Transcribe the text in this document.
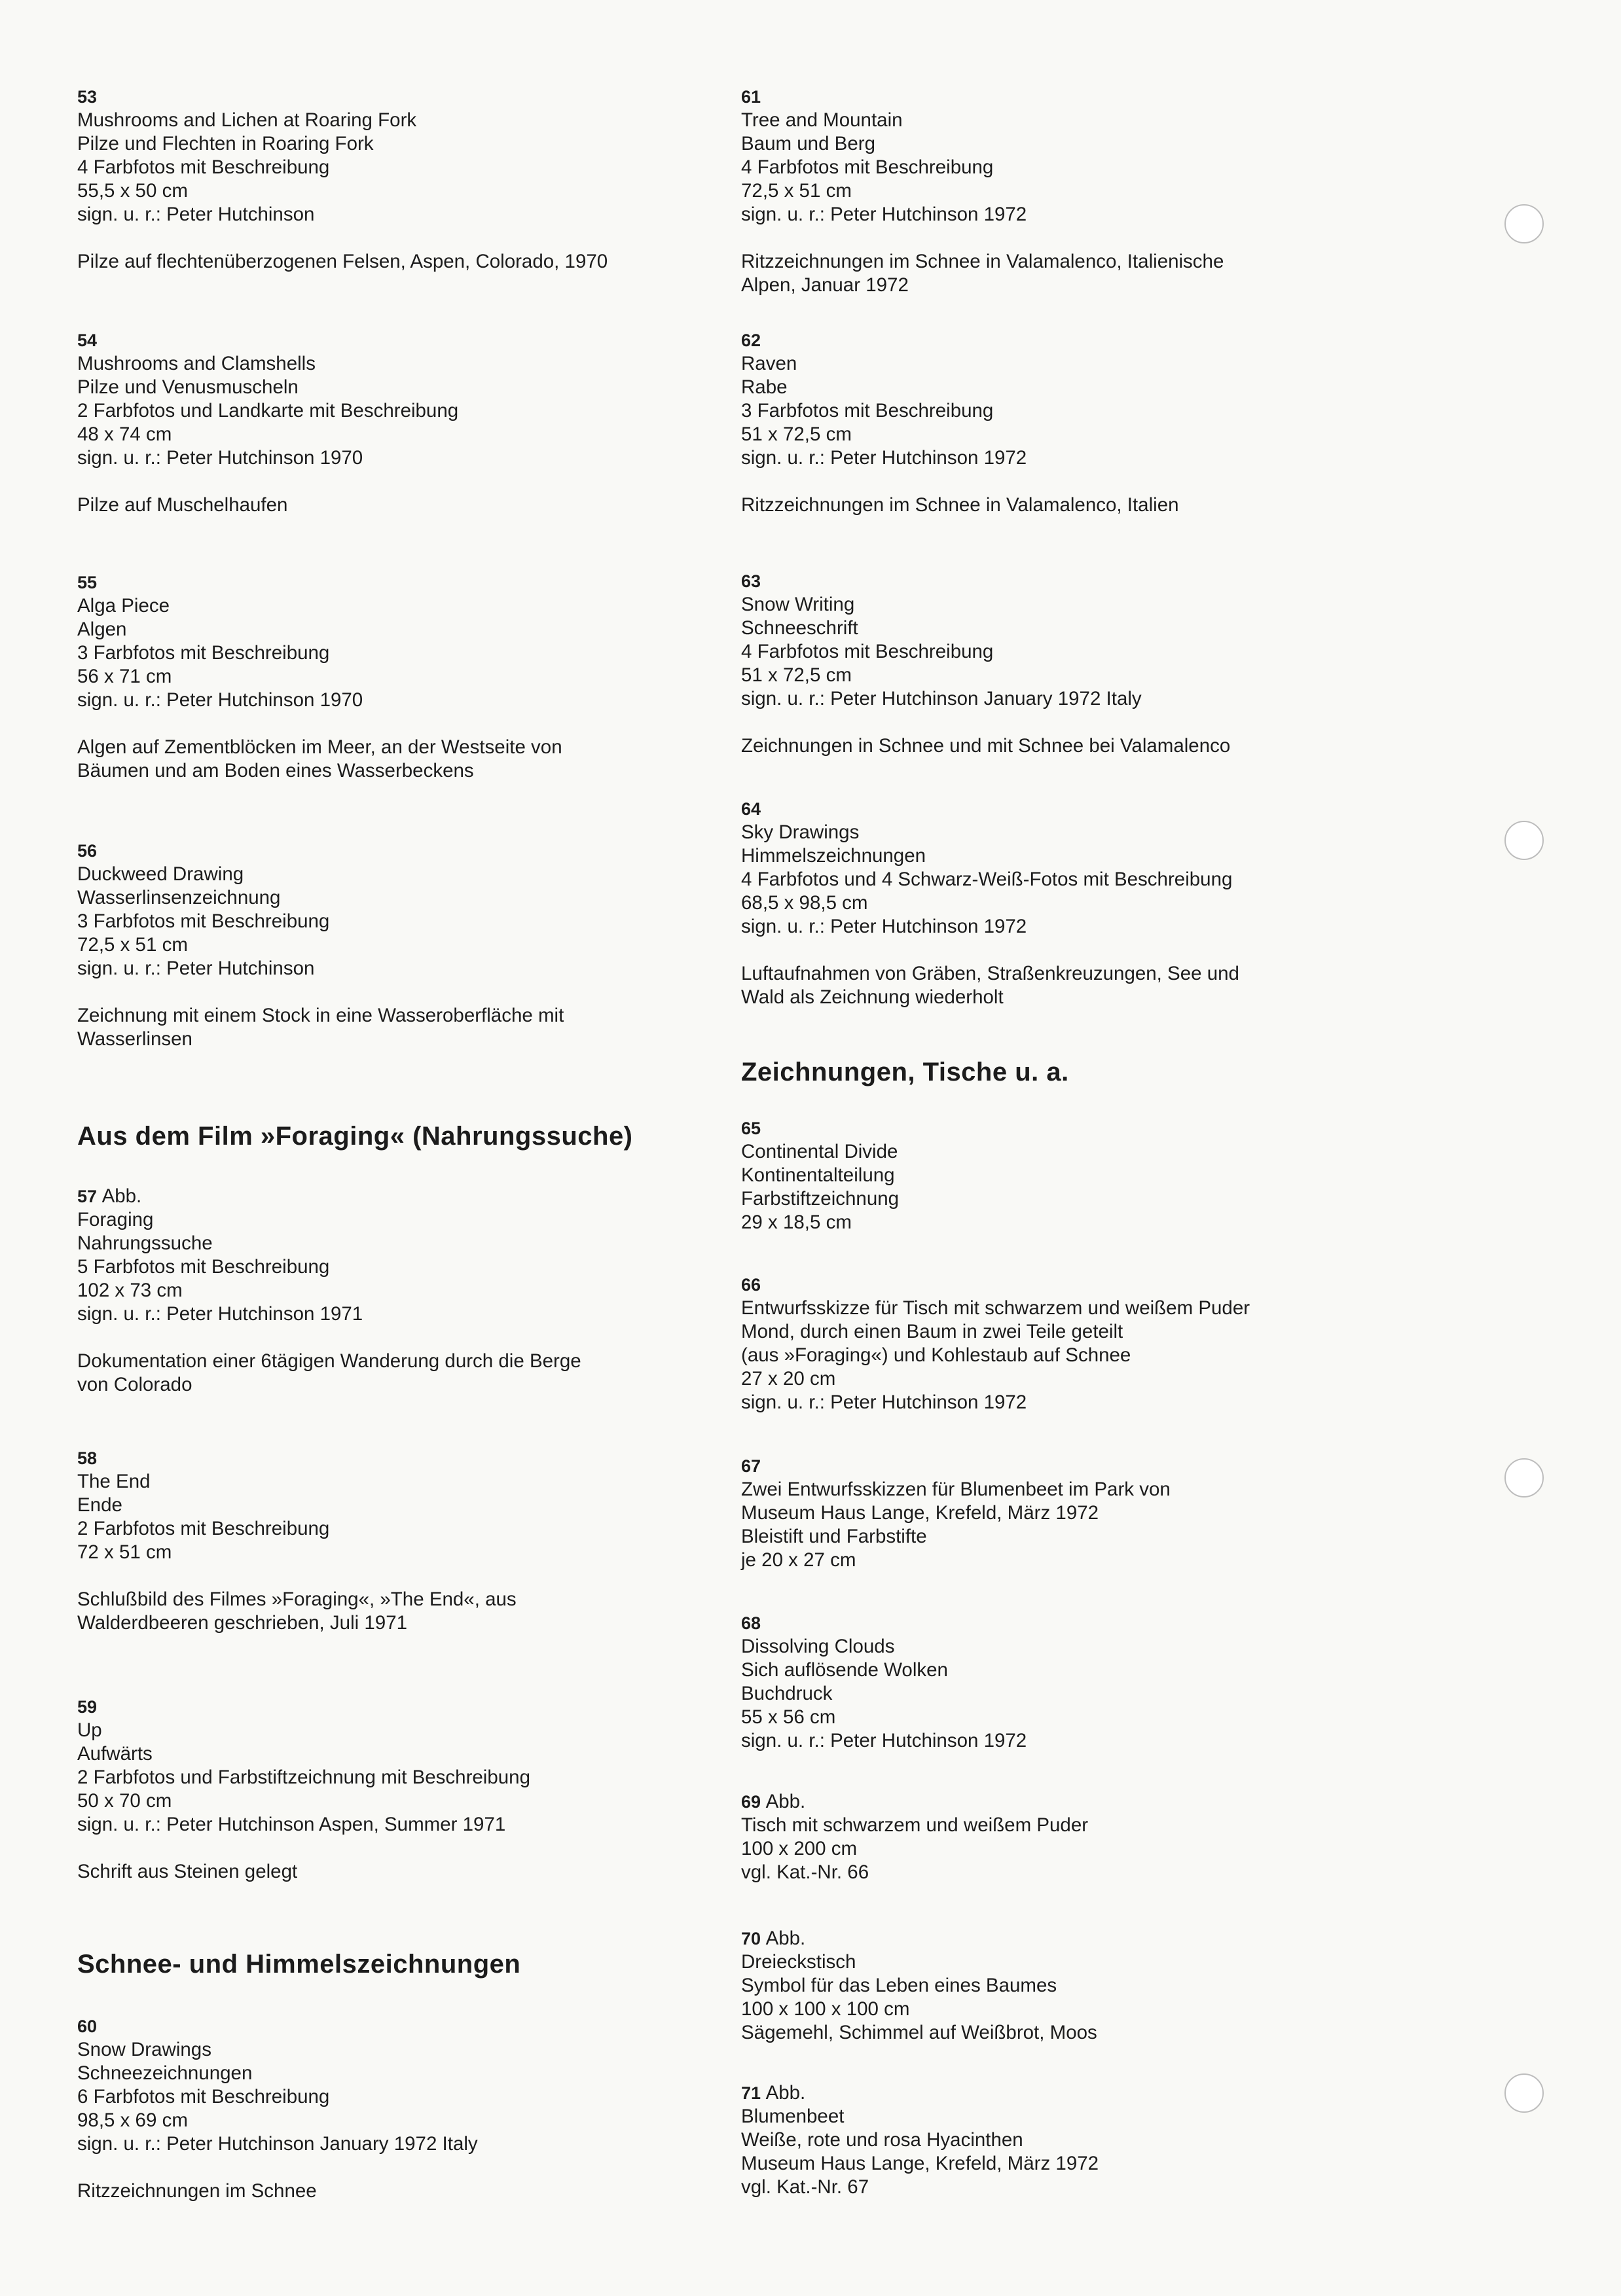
53
Mushrooms and Lichen at Roaring Fork
Pilze und Flechten in Roaring Fork
4 Farbfotos mit Beschreibung
55,5 x 50 cm
sign. u. r.: Peter Hutchinson
Pilze auf flechtenüberzogenen Felsen, Aspen, Colorado, 1970
54
Mushrooms and Clamshells
Pilze und Venusmuscheln
2 Farbfotos und Landkarte mit Beschreibung
48 x 74 cm
sign. u. r.: Peter Hutchinson 1970
Pilze auf Muschelhaufen
55
Alga Piece
Algen
3 Farbfotos mit Beschreibung
56 x 71 cm
sign. u. r.: Peter Hutchinson 1970
Algen auf Zementblöcken im Meer, an der Westseite von
Bäumen und am Boden eines Wasserbeckens
56
Duckweed Drawing
Wasserlinsenzeichnung
3 Farbfotos mit Beschreibung
72,5 x 51 cm
sign. u. r.: Peter Hutchinson
Zeichnung mit einem Stock in eine Wasseroberfläche mit
Wasserlinsen
Aus dem Film »Foraging« (Nahrungssuche)
57 Abb.
Foraging
Nahrungssuche
5 Farbfotos mit Beschreibung
102 x 73 cm
sign. u. r.: Peter Hutchinson 1971
Dokumentation einer 6tägigen Wanderung durch die Berge
von Colorado
58
The End
Ende
2 Farbfotos mit Beschreibung
72 x 51 cm
Schlußbild des Filmes »Foraging«, »The End«, aus
Walderdbeeren geschrieben, Juli 1971
59
Up
Aufwärts
2 Farbfotos und Farbstiftzeichnung mit Beschreibung
50 x 70 cm
sign. u. r.: Peter Hutchinson Aspen, Summer 1971
Schrift aus Steinen gelegt
Schnee- und Himmelszeichnungen
60
Snow Drawings
Schneezeichnungen
6 Farbfotos mit Beschreibung
98,5 x 69 cm
sign. u. r.: Peter Hutchinson January 1972 Italy
Ritzzeichnungen im Schnee
61
Tree and Mountain
Baum und Berg
4 Farbfotos mit Beschreibung
72,5 x 51 cm
sign. u. r.: Peter Hutchinson 1972
Ritzzeichnungen im Schnee in Valamalenco, Italienische
Alpen, Januar 1972
62
Raven
Rabe
3 Farbfotos mit Beschreibung
51 x 72,5 cm
sign. u. r.: Peter Hutchinson 1972
Ritzzeichnungen im Schnee in Valamalenco, Italien
63
Snow Writing
Schneeschrift
4 Farbfotos mit Beschreibung
51 x 72,5 cm
sign. u. r.: Peter Hutchinson January 1972 Italy
Zeichnungen in Schnee und mit Schnee bei Valamalenco
64
Sky Drawings
Himmelszeichnungen
4 Farbfotos und 4 Schwarz-Weiß-Fotos mit Beschreibung
68,5 x 98,5 cm
sign. u. r.: Peter Hutchinson 1972
Luftaufnahmen von Gräben, Straßenkreuzungen, See und
Wald als Zeichnung wiederholt
Zeichnungen, Tische u. a.
65
Continental Divide
Kontinentalteilung
Farbstiftzeichnung
29 x 18,5 cm
66
Entwurfsskizze für Tisch mit schwarzem und weißem Puder
Mond, durch einen Baum in zwei Teile geteilt
(aus »Foraging«) und Kohlestaub auf Schnee
27 x 20 cm
sign. u. r.: Peter Hutchinson 1972
67
Zwei Entwurfsskizzen für Blumenbeet im Park von
Museum Haus Lange, Krefeld, März 1972
Bleistift und Farbstifte
je 20 x 27 cm
68
Dissolving Clouds
Sich auflösende Wolken
Buchdruck
55 x 56 cm
sign. u. r.: Peter Hutchinson 1972
69 Abb.
Tisch mit schwarzem und weißem Puder
100 x 200 cm
vgl. Kat.-Nr. 66
70 Abb.
Dreieckstisch
Symbol für das Leben eines Baumes
100 x 100 x 100 cm
Sägemehl, Schimmel auf Weißbrot, Moos
71 Abb.
Blumenbeet
Weiße, rote und rosa Hyacinthen
Museum Haus Lange, Krefeld, März 1972
vgl. Kat.-Nr. 67
